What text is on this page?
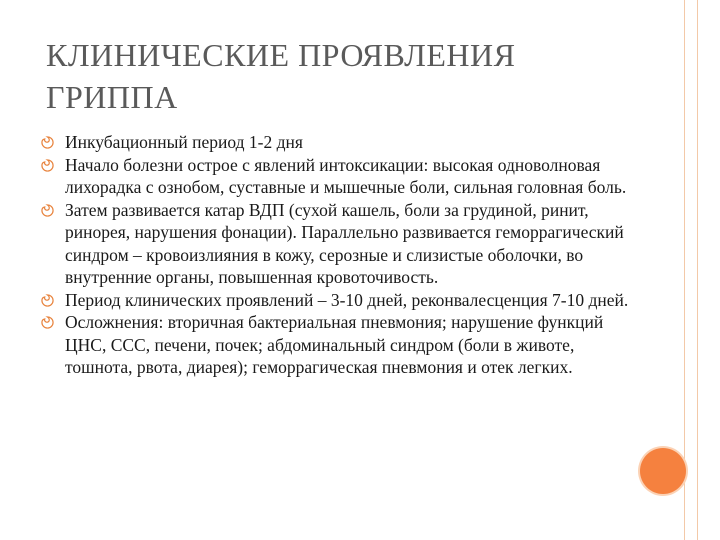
КЛИНИЧЕСКИЕ ПРОЯВЛЕНИЯ
ГРИППА
Инкубационный период 1-2 дня
Начало болезни острое с явлений интоксикации: высокая одноволновая лихорадка с ознобом, суставные и мышечные боли, сильная головная боль.
Затем развивается катар ВДП (сухой кашель, боли за грудиной, ринит, ринорея, нарушения фонации). Параллельно развивается геморрагический синдром – кровоизлияния в кожу, серозные и слизистые оболочки, во внутренние органы, повышенная кровоточивость.
Период клинических проявлений – 3-10 дней, реконвалесценция 7-10 дней.
Осложнения: вторичная бактериальная пневмония; нарушение функций ЦНС, ССС, печени, почек; абдоминальный синдром (боли в животе, тошнота, рвота, диарея); геморрагическая пневмония и отек легких.
